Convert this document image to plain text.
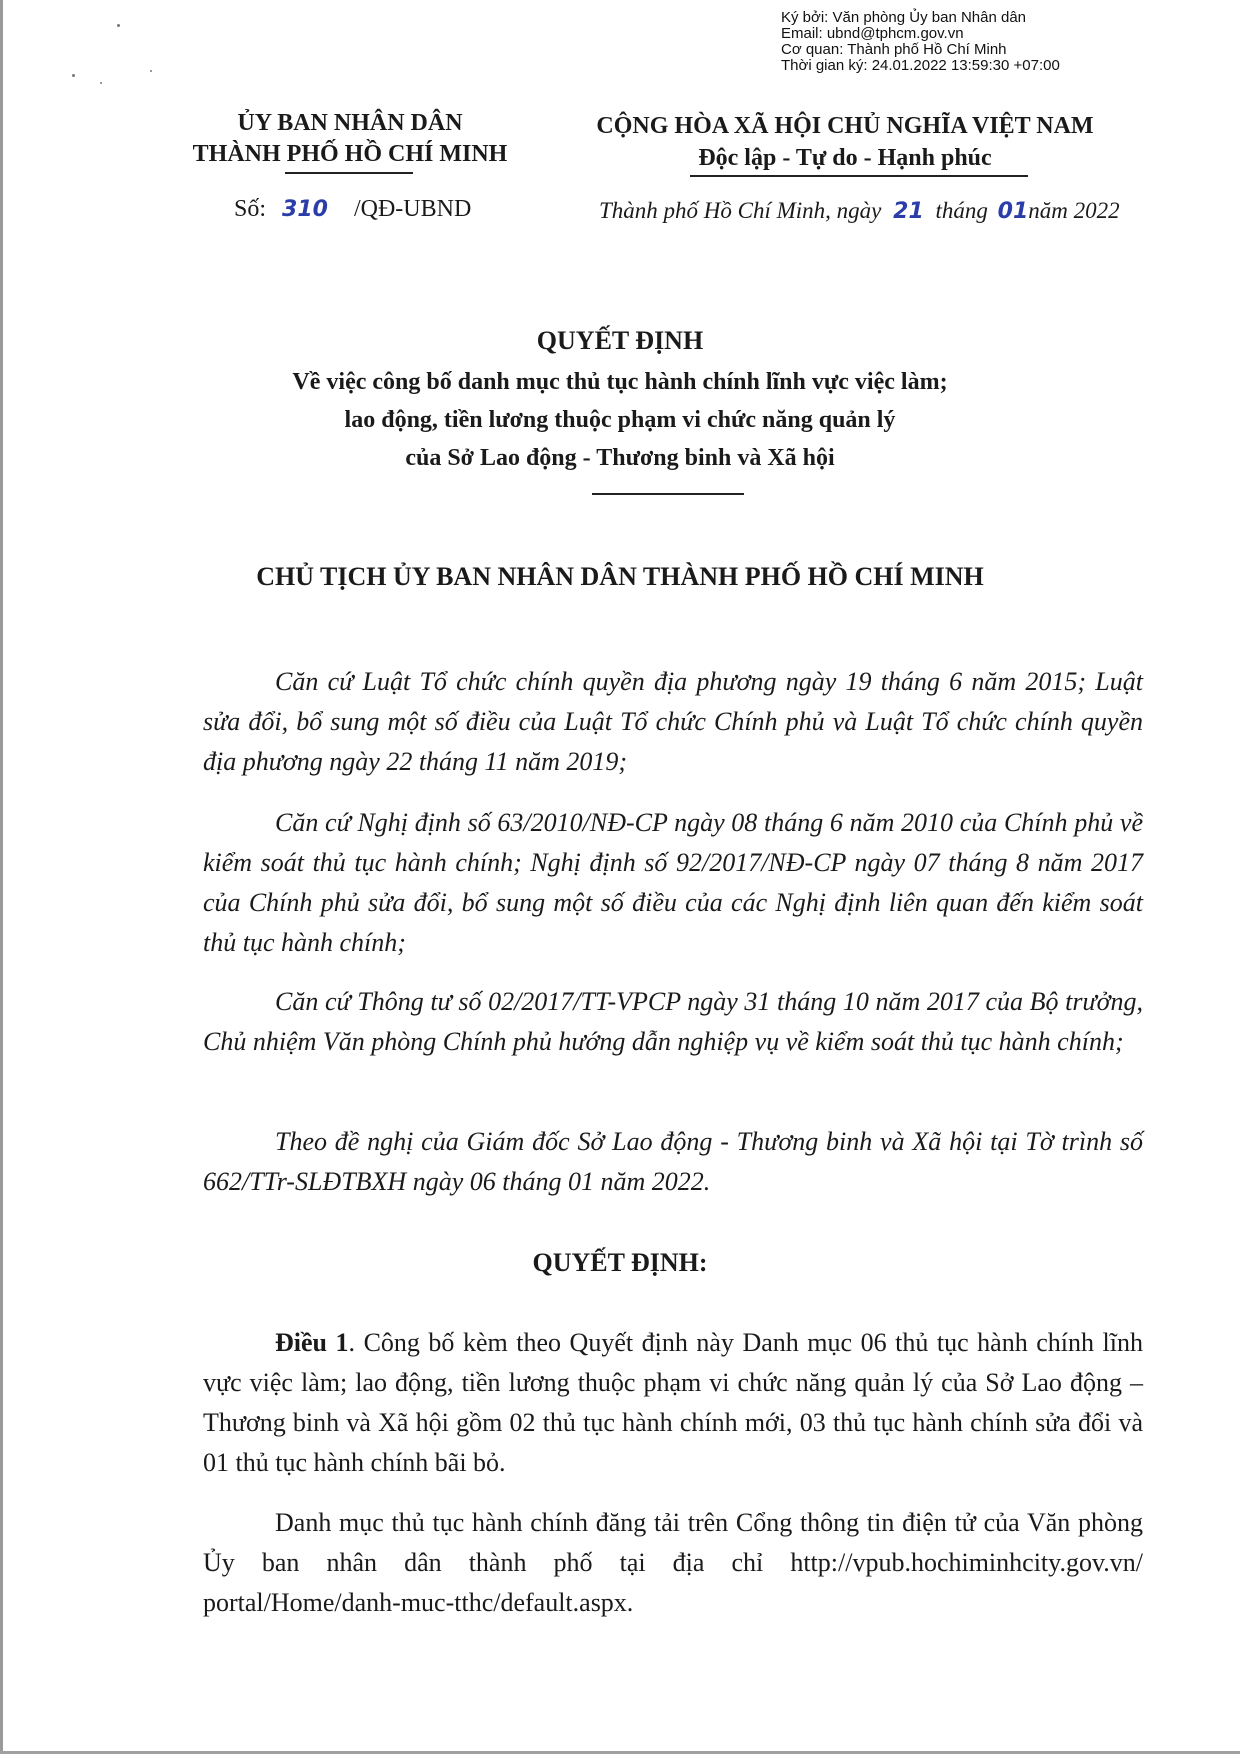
Ký bởi: Văn phòng Ủy ban Nhân dân
Email: ubnd@tphcm.gov.vn
Cơ quan: Thành phố Hồ Chí Minh
Thời gian ký: 24.01.2022 13:59:30 +07:00
ỦY BAN NHÂN DÂN
THÀNH PHỐ HỒ CHÍ MINH
CỘNG HÒA XÃ HỘI CHỦ NGHĨA VIỆT NAM
Độc lập - Tự do - Hạnh phúc
Số: 310 /QĐ-UBND	Thành phố Hồ Chí Minh, ngày 21 tháng 01năm 2022
QUYẾT ĐỊNH
Về việc công bố danh mục thủ tục hành chính lĩnh vực việc làm;
lao động, tiền lương thuộc phạm vi chức năng quản lý
của Sở Lao động - Thương binh và Xã hội
CHỦ TỊCH ỦY BAN NHÂN DÂN THÀNH PHỐ HỒ CHÍ MINH

Căn cứ Luật Tổ chức chính quyền địa phương ngày 19 tháng 6 năm 2015; Luật sửa đổi, bổ sung một số điều của Luật Tổ chức Chính phủ và Luật Tổ chức chính quyền địa phương ngày 22 tháng 11 năm 2019;

Căn cứ Nghị định số 63/2010/NĐ-CP ngày 08 tháng 6 năm 2010 của Chính phủ về kiểm soát thủ tục hành chính; Nghị định số 92/2017/NĐ-CP ngày 07 tháng 8 năm 2017 của Chính phủ sửa đổi, bổ sung một số điều của các Nghị định liên quan đến kiểm soát thủ tục hành chính;

Căn cứ Thông tư số 02/2017/TT-VPCP ngày 31 tháng 10 năm 2017 của Bộ trưởng, Chủ nhiệm Văn phòng Chính phủ hướng dẫn nghiệp vụ về kiểm soát thủ tục hành chính;

Theo đề nghị của Giám đốc Sở Lao động - Thương binh và Xã hội tại Tờ trình số 662/TTr-SLĐTBXH ngày 06 tháng 01 năm 2022.

QUYẾT ĐỊNH:

Điều 1. Công bố kèm theo Quyết định này Danh mục 06 thủ tục hành chính lĩnh vực việc làm; lao động, tiền lương thuộc phạm vi chức năng quản lý của Sở Lao động – Thương binh và Xã hội gồm 02 thủ tục hành chính mới, 03 thủ tục hành chính sửa đổi và 01 thủ tục hành chính bãi bỏ.

Danh mục thủ tục hành chính đăng tải trên Cổng thông tin điện tử của Văn phòng Ủy ban nhân dân thành phố tại địa chỉ http://vpub.hochiminhcity.gov.vn/ portal/Home/danh-muc-tthc/default.aspx.
